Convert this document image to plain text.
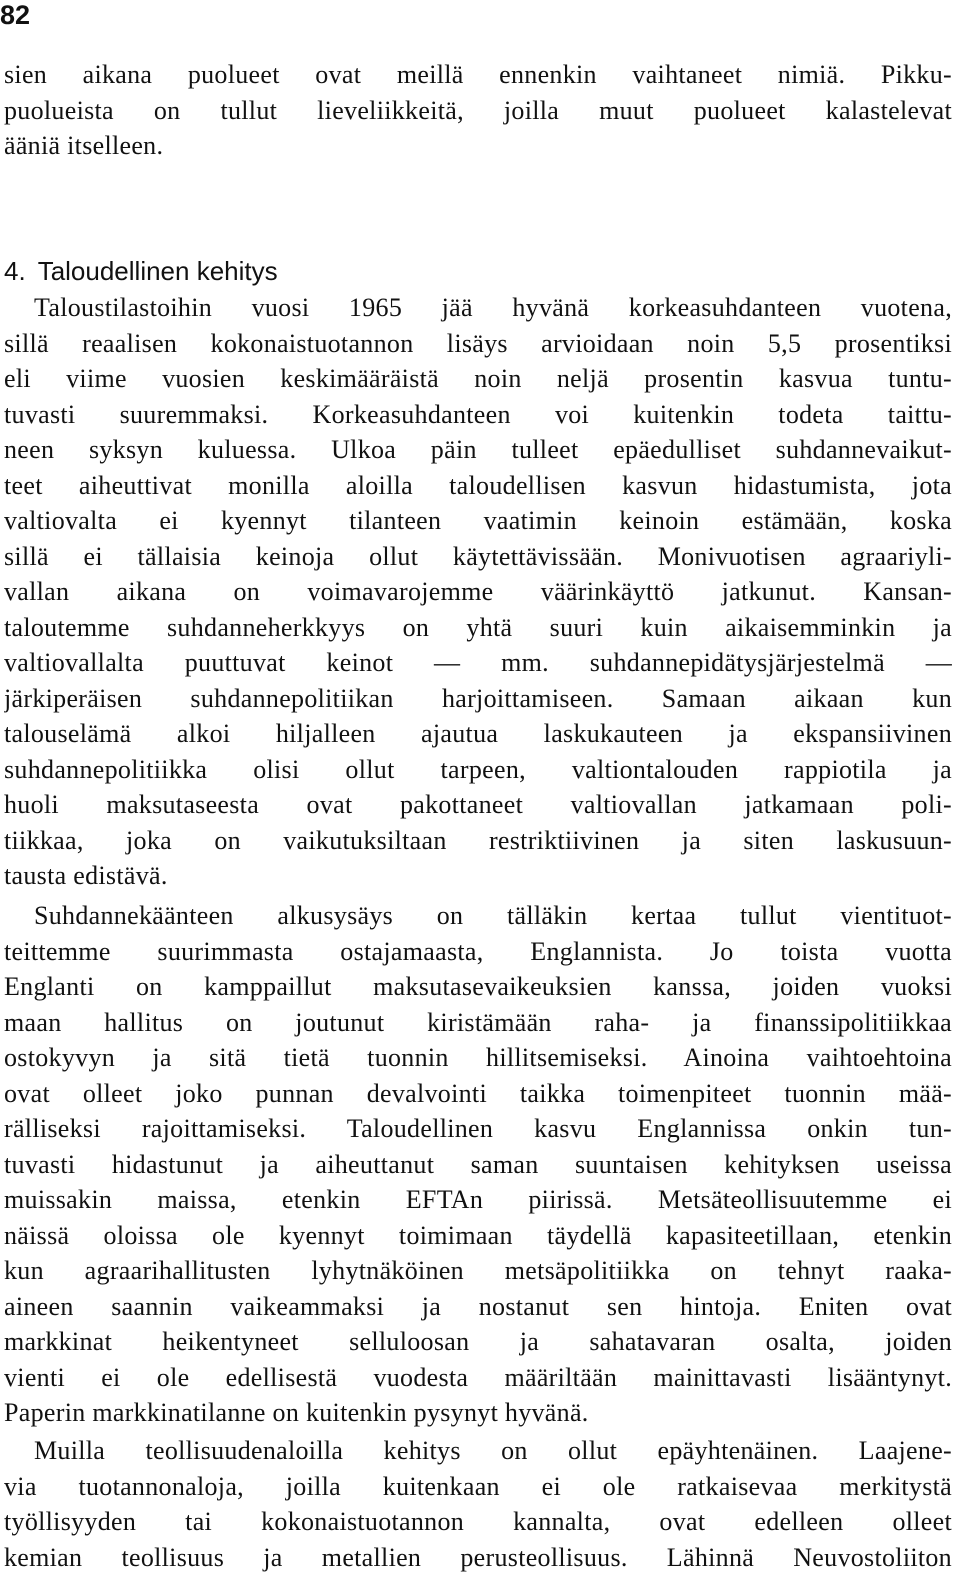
82
sien aikana puolueet ovat meillä ennenkin vaihtaneet nimiä. Pikku-
puolueista on tullut lieveliikkeitä, joilla muut puolueet kalastelevat
ääniä itselleen.
4. Taloudellinen kehitys
Taloustilastoihin vuosi 1965 jää hyvänä korkeasuhdanteen vuotena,
sillä reaalisen kokonaistuotannon lisäys arvioidaan noin 5,5 prosentiksi
eli viime vuosien keskimääräistä noin neljä prosentin kasvua tuntu-
tuvasti suuremmaksi. Korkeasuhdanteen voi kuitenkin todeta taittu-
neen syksyn kuluessa. Ulkoa päin tulleet epäedulliset suhdannevaikut-
teet aiheuttivat monilla aloilla taloudellisen kasvun hidastumista, jota
valtiovalta ei kyennyt tilanteen vaatimin keinoin estämään, koska
sillä ei tällaisia keinoja ollut käytettävissään. Monivuotisen agraariyli-
vallan aikana on voimavarojemme väärinkäyttö jatkunut. Kansan-
taloutemme suhdanneherkkyys on yhtä suuri kuin aikaisemminkin ja
valtiovallalta puuttuvat keinot — mm. suhdannepidätysjärjestelmä —
järkiperäisen suhdannepolitiikan harjoittamiseen. Samaan aikaan kun
talouselämä alkoi hiljalleen ajautua laskukauteen ja ekspansiivinen
suhdannepolitiikka olisi ollut tarpeen, valtiontalouden rappiotila ja
huoli maksutaseesta ovat pakottaneet valtiovallan jatkamaan poli-
tiikkaa, joka on vaikutuksiltaan restriktiivinen ja siten laskusuun-
tausta edistävä.
Suhdannekäänteen alkusysäys on tälläkin kertaa tullut vientituot-
teittemme suurimmasta ostajamaasta, Englannista. Jo toista vuotta
Englanti on kamppaillut maksutasevaikeuksien kanssa, joiden vuoksi
maan hallitus on joutunut kiristämään raha- ja finanssipolitiikkaa
ostokyvyn ja sitä tietä tuonnin hillitsemiseksi. Ainoina vaihtoehtoina
ovat olleet joko punnan devalvointi taikka toimenpiteet tuonnin mää-
rälliseksi rajoittamiseksi. Taloudellinen kasvu Englannissa onkin tun-
tuvasti hidastunut ja aiheuttanut saman suuntaisen kehityksen useissa
muissakin maissa, etenkin EFTAn piirissä. Metsäteollisuutemme ei
näissä oloissa ole kyennyt toimimaan täydellä kapasiteetillaan, etenkin
kun agraarihallitusten lyhytnäköinen metsäpolitiikka on tehnyt raaka-
aineen saannin vaikeammaksi ja nostanut sen hintoja. Eniten ovat
markkinat heikentyneet selluloosan ja sahatavaran osalta, joiden
vienti ei ole edellisestä vuodesta määriltään mainittavasti lisääntynyt.
Paperin markkinatilanne on kuitenkin pysynyt hyvänä.
Muilla teollisuudenaloilla kehitys on ollut epäyhtenäinen. Laajene-
via tuotannonaloja, joilla kuitenkaan ei ole ratkaisevaa merkitystä
työllisyyden tai kokonaistuotannon kannalta, ovat edelleen olleet
kemian teollisuus ja metallien perusteollisuus. Lähinnä Neuvostoliiton
